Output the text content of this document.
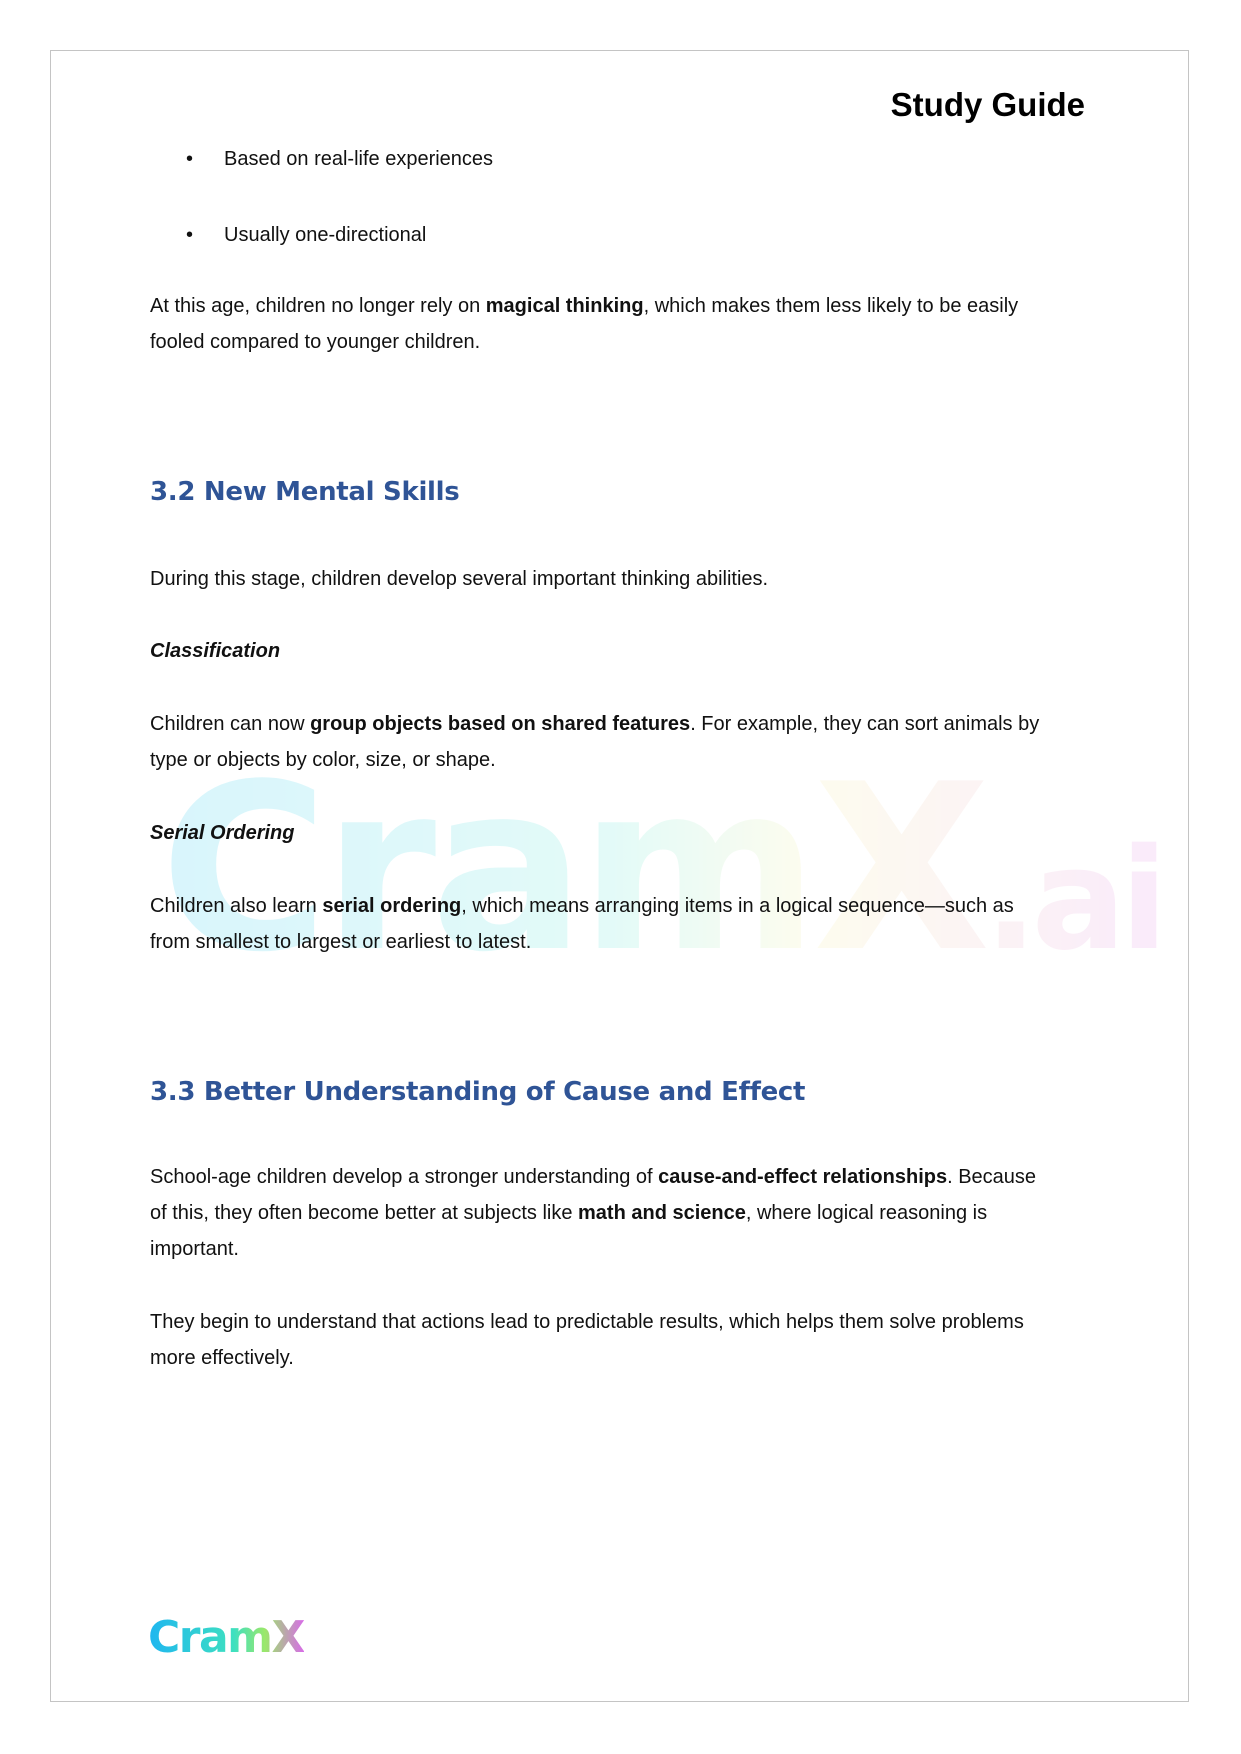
CramX.ai
Study Guide
• Based on real-life experiences
• Usually one-directional
At this age, children no longer rely on magical thinking, which makes them less likely to be easily
fooled compared to younger children.
3.2 New Mental Skills
During this stage, children develop several important thinking abilities.
Classification
Children can now group objects based on shared features. For example, they can sort animals by
type or objects by color, size, or shape.
Serial Ordering
Children also learn serial ordering, which means arranging items in a logical sequence—such as
from smallest to largest or earliest to latest.
3.3 Better Understanding of Cause and Effect
School-age children develop a stronger understanding of cause-and-effect relationships. Because
of this, they often become better at subjects like math and science, where logical reasoning is
important.
They begin to understand that actions lead to predictable results, which helps them solve problems
more effectively.
CramX
